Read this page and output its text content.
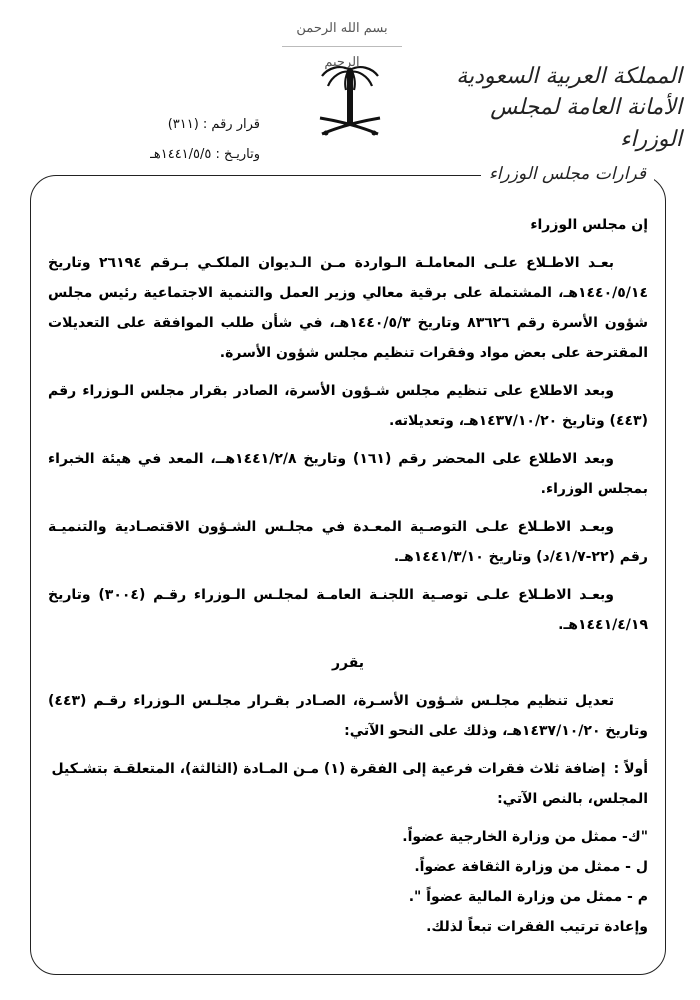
بسم الله الرحمن الرحيم
المملكة العربية السعودية
الأمانة العامة لمجلس الوزراء
قرار رقم : (٣١١)
وتاريـخ : ١٤٤١/٥/٥هـ
قرارات مجلس الوزراء

إن مجلس الوزراء

بعـد الاطـلاع علـى المعاملـة الـواردة مـن الـديوان الملكـي بـرقم ٢٦١٩٤ وتاريخ ١٤٤٠/٥/١٤هـ، المشتملة على برقية معالي وزير العمل والتنمية الاجتماعية رئيس مجلس شؤون الأسرة رقم ٨٣٦٢٦ وتاريخ ١٤٤٠/٥/٣هـ، في شأن طلب الموافقة على التعديلات المقترحة على بعض مواد وفقرات تنظيم مجلس شؤون الأسرة.

وبعد الاطلاع على تنظيم مجلس شـؤون الأسرة، الصادر بقرار مجلس الـوزراء رقم (٤٤٣) وتاريخ ١٤٣٧/١٠/٢٠هـ، وتعديلاته.

وبعد الاطلاع على المحضر رقم (١٦١) وتاريخ ١٤٤١/٢/٨هــ، المعد في هيئة الخبراء بمجلس الوزراء.

وبعـد الاطـلاع علـى التوصـية المعـدة في مجلـس الشـؤون الاقتصـادية والتنميـة رقم (٢٢-٤١/٧/د) وتاريخ ١٤٤١/٣/١٠هـ.

وبعـد الاطـلاع علـى توصـية اللجنـة العامـة لمجلـس الـوزراء رقـم (٣٠٠٤) وتاريخ ١٤٤١/٤/١٩هـ.

يقرر

تعديل تنظيم مجلـس شـؤون الأسـرة، الصـادر بقـرار مجلـس الـوزراء رقـم (٤٤٣) وتاريخ ١٤٣٧/١٠/٢٠هـ، وذلك على النحو الآتي:

أولاً :إضافة ثلاث فقرات فرعية إلى الفقرة (١) مـن المـادة (الثالثة)، المتعلقـة بتشـكيل

المجلس، بالنص الآتي:

"ك- ممثل من وزارة الخارجية عضواً.

ل - ممثل من وزارة الثقافة عضواً.

م - ممثل من وزارة المالية عضواً ".

وإعادة ترتيب الفقرات تبعاً لذلك.
